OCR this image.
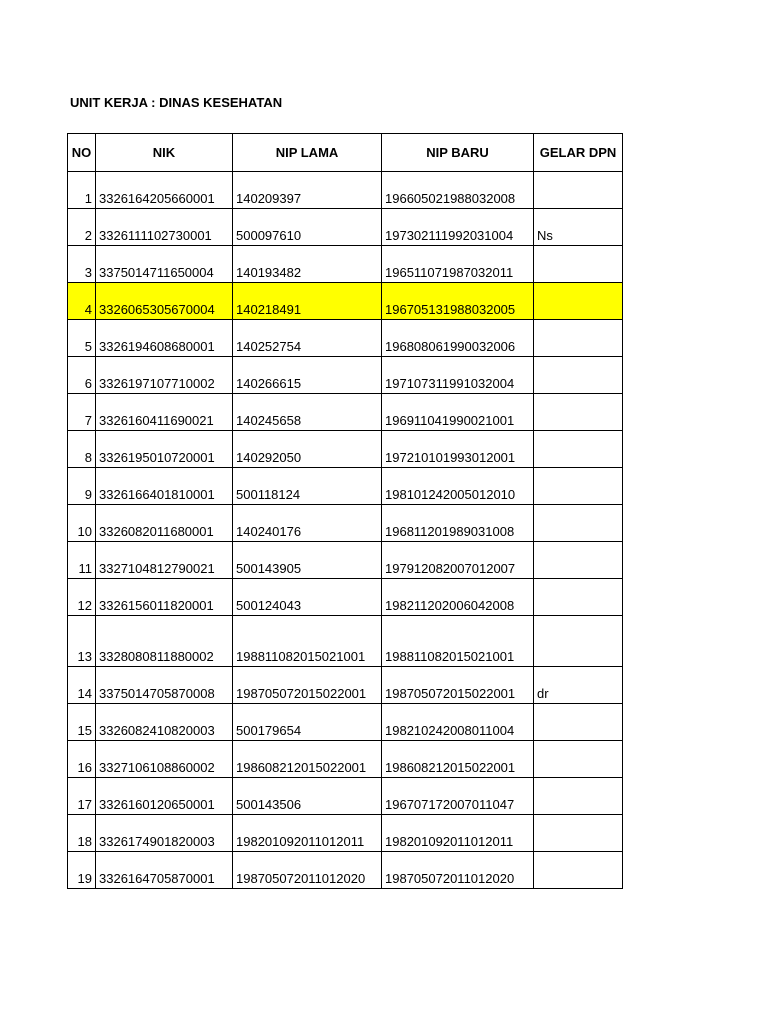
UNIT KERJA : DINAS KESEHATAN
NO	NIK	NIP LAMA	NIP BARU	GELAR DPN
1	3326164205660001	140209397	196605021988032008	
2	3326111102730001	500097610	197302111992031004	Ns
3	3375014711650004	140193482	196511071987032011	
4	3326065305670004	140218491	196705131988032005	
5	3326194608680001	140252754	196808061990032006	
6	3326197107710002	140266615	197107311991032004	
7	3326160411690021	140245658	196911041990021001	
8	3326195010720001	140292050	197210101993012001	
9	3326166401810001	500118124	198101242005012010	
10	3326082011680001	140240176	196811201989031008	
11	3327104812790021	500143905	197912082007012007	
12	3326156011820001	500124043	198211202006042008	
13	3328080811880002	198811082015021001	198811082015021001	
14	3375014705870008	198705072015022001	198705072015022001	dr
15	3326082410820003	500179654	198210242008011004	
16	3327106108860002	198608212015022001	198608212015022001	
17	3326160120650001	500143506	196707172007011047	
18	3326174901820003	198201092011012011	198201092011012011	
19	3326164705870001	198705072011012020	198705072011012020	
